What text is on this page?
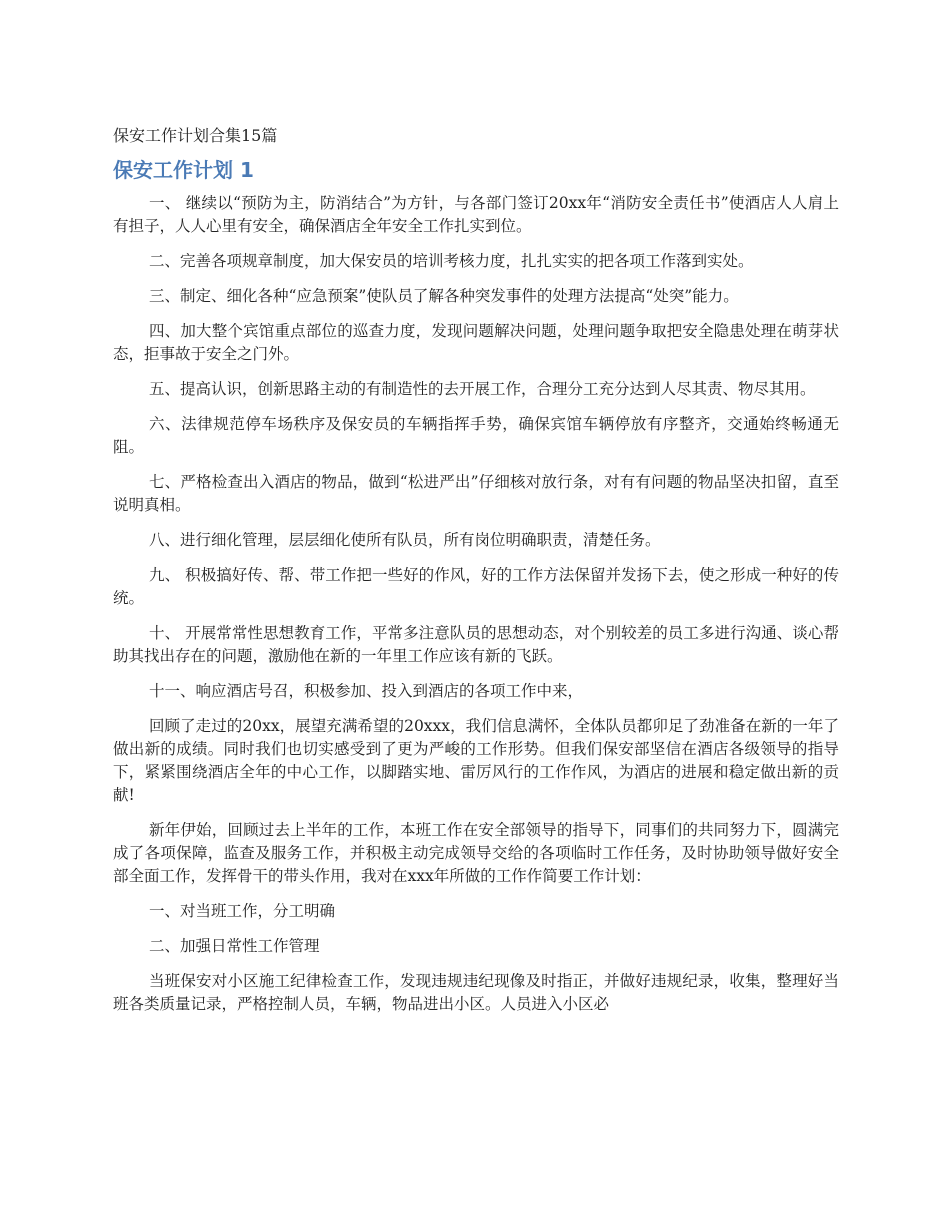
保安工作计划合集15篇
保安工作计划 1

一、 继续以“预防为主，防消结合”为方针，与各部门签订20xx年“消防安全责任书”使酒店人人肩上有担子，人人心里有安全，确保酒店全年安全工作扎实到位。

二、完善各项规章制度，加大保安员的培训考核力度，扎扎实实的把各项工作落到实处。

三、制定、细化各种“应急预案”使队员了解各种突发事件的处理方法提高“处突”能力。

四、加大整个宾馆重点部位的巡查力度，发现问题解决问题，处理问题争取把安全隐患处理在萌芽状态，拒事故于安全之门外。

五、提高认识，创新思路主动的有制造性的去开展工作，合理分工充分达到人尽其责、物尽其用。

六、法律规范停车场秩序及保安员的车辆指挥手势，确保宾馆车辆停放有序整齐，交通始终畅通无阻。

七、严格检查出入酒店的物品，做到“松进严出”仔细核对放行条，对有有问题的物品坚决扣留，直至说明真相。

八、进行细化管理，层层细化使所有队员，所有岗位明确职责，清楚任务。

九、 积极搞好传、帮、带工作把一些好的作风，好的工作方法保留并发扬下去，使之形成一种好的传统。

十、 开展常常性思想教育工作，平常多注意队员的思想动态，对个别较差的员工多进行沟通、谈心帮助其找出存在的问题，激励他在新的一年里工作应该有新的飞跃。

十一、响应酒店号召，积极参加、投入到酒店的各项工作中来，

回顾了走过的20xx，展望充满希望的20xxx，我们信息满怀，全体队员都卯足了劲准备在新的一年了做出新的成绩。同时我们也切实感受到了更为严峻的工作形势。但我们保安部坚信在酒店各级领导的指导下，紧紧围绕酒店全年的中心工作，以脚踏实地、雷厉风行的工作作风，为酒店的进展和稳定做出新的贡献!

新年伊始，回顾过去上半年的工作，本班工作在安全部领导的指导下，同事们的共同努力下，圆满完成了各项保障，监查及服务工作，并积极主动完成领导交给的各项临时工作任务，及时协助领导做好安全部全面工作，发挥骨干的带头作用，我对在xxx年所做的工作作简要工作计划：

一、对当班工作，分工明确

二、加强日常性工作管理

当班保安对小区施工纪律检查工作，发现违规违纪现像及时指正，并做好违规纪录，收集，整理好当班各类质量记录，严格控制人员，车辆，物品进出小区。人员进入小区必
